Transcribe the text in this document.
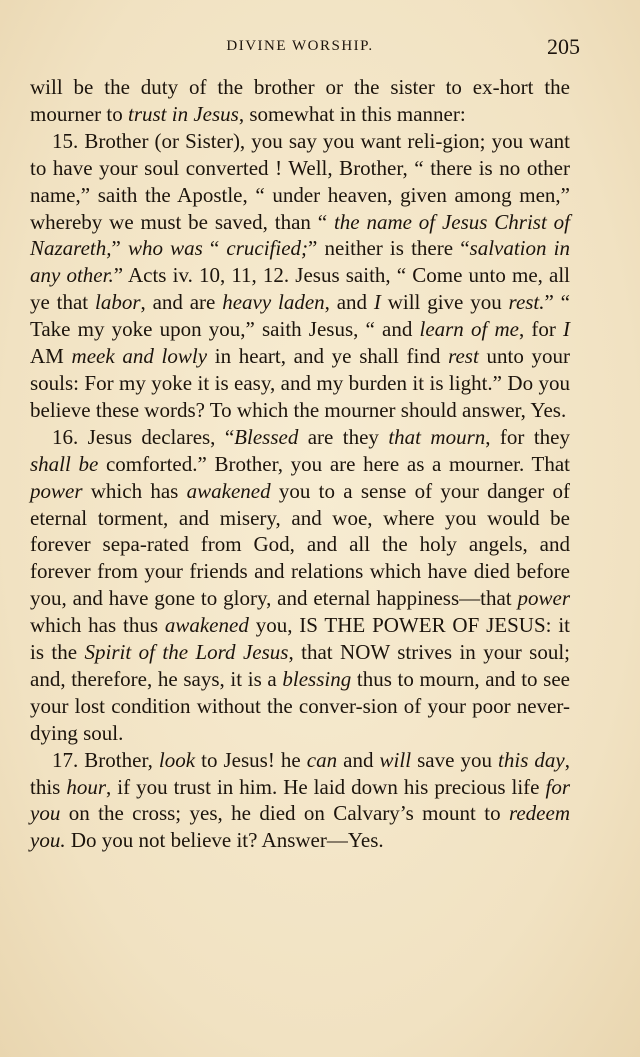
DIVINE WORSHIP.	205

will be the duty of the brother or the sister to ex-hort the mourner to trust in Jesus, somewhat in this manner:

15. Brother (or Sister), you say you want reli-gion; you want to have your soul converted ! Well, Brother, “ there is no other name,” saith the Apostle, “ under heaven, given among men,” whereby we must be saved, than “ the name of Jesus Christ of Nazareth,” who was “ crucified;” neither is there “salvation in any other.” Acts iv. 10, 11, 12. Jesus saith, “ Come unto me, all ye that labor, and are heavy laden, and I will give you rest.” “ Take my yoke upon you,” saith Jesus, “ and learn of me, for I AM meek and lowly in heart, and ye shall find rest unto your souls: For my yoke it is easy, and my burden it is light.” Do you believe these words? To which the mourner should answer, Yes.

16. Jesus declares, “Blessed are they that mourn, for they shall be comforted.” Brother, you are here as a mourner. That power which has awakened you to a sense of your danger of eternal torment, and misery, and woe, where you would be forever sepa-rated from God, and all the holy angels, and forever from your friends and relations which have died before you, and have gone to glory, and eternal happiness—that power which has thus awakened you, IS THE POWER OF JESUS: it is the Spirit of the Lord Jesus, that NOW strives in your soul; and, therefore, he says, it is a blessing thus to mourn, and to see your lost condition without the conver-sion of your poor never-dying soul.

17. Brother, look to Jesus! he can and will save you this day, this hour, if you trust in him. He laid down his precious life for you on the cross; yes, he died on Calvary’s mount to redeem you. Do you not believe it? Answer—Yes.
